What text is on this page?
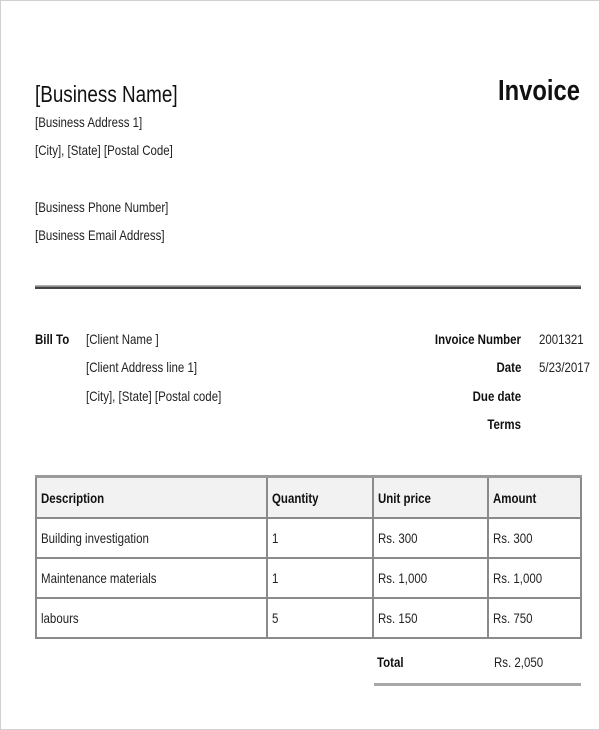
[Business Name]
[Business Address 1]
[City], [State] [Postal Code]
[Business Phone Number]
[Business Email Address]
Invoice
Bill To	[Client Name ]
[Client Address line 1]
[City], [State] [Postal code]
Invoice Number 2001321
Date 5/23/2017
Due date
Terms
Description	Quantity	Unit price	Amount
Building investigation	1	Rs. 300	Rs. 300
Maintenance materials	1	Rs. 1,000	Rs. 1,000
labours	5	Rs. 150	Rs. 750
Total	Rs. 2,050
